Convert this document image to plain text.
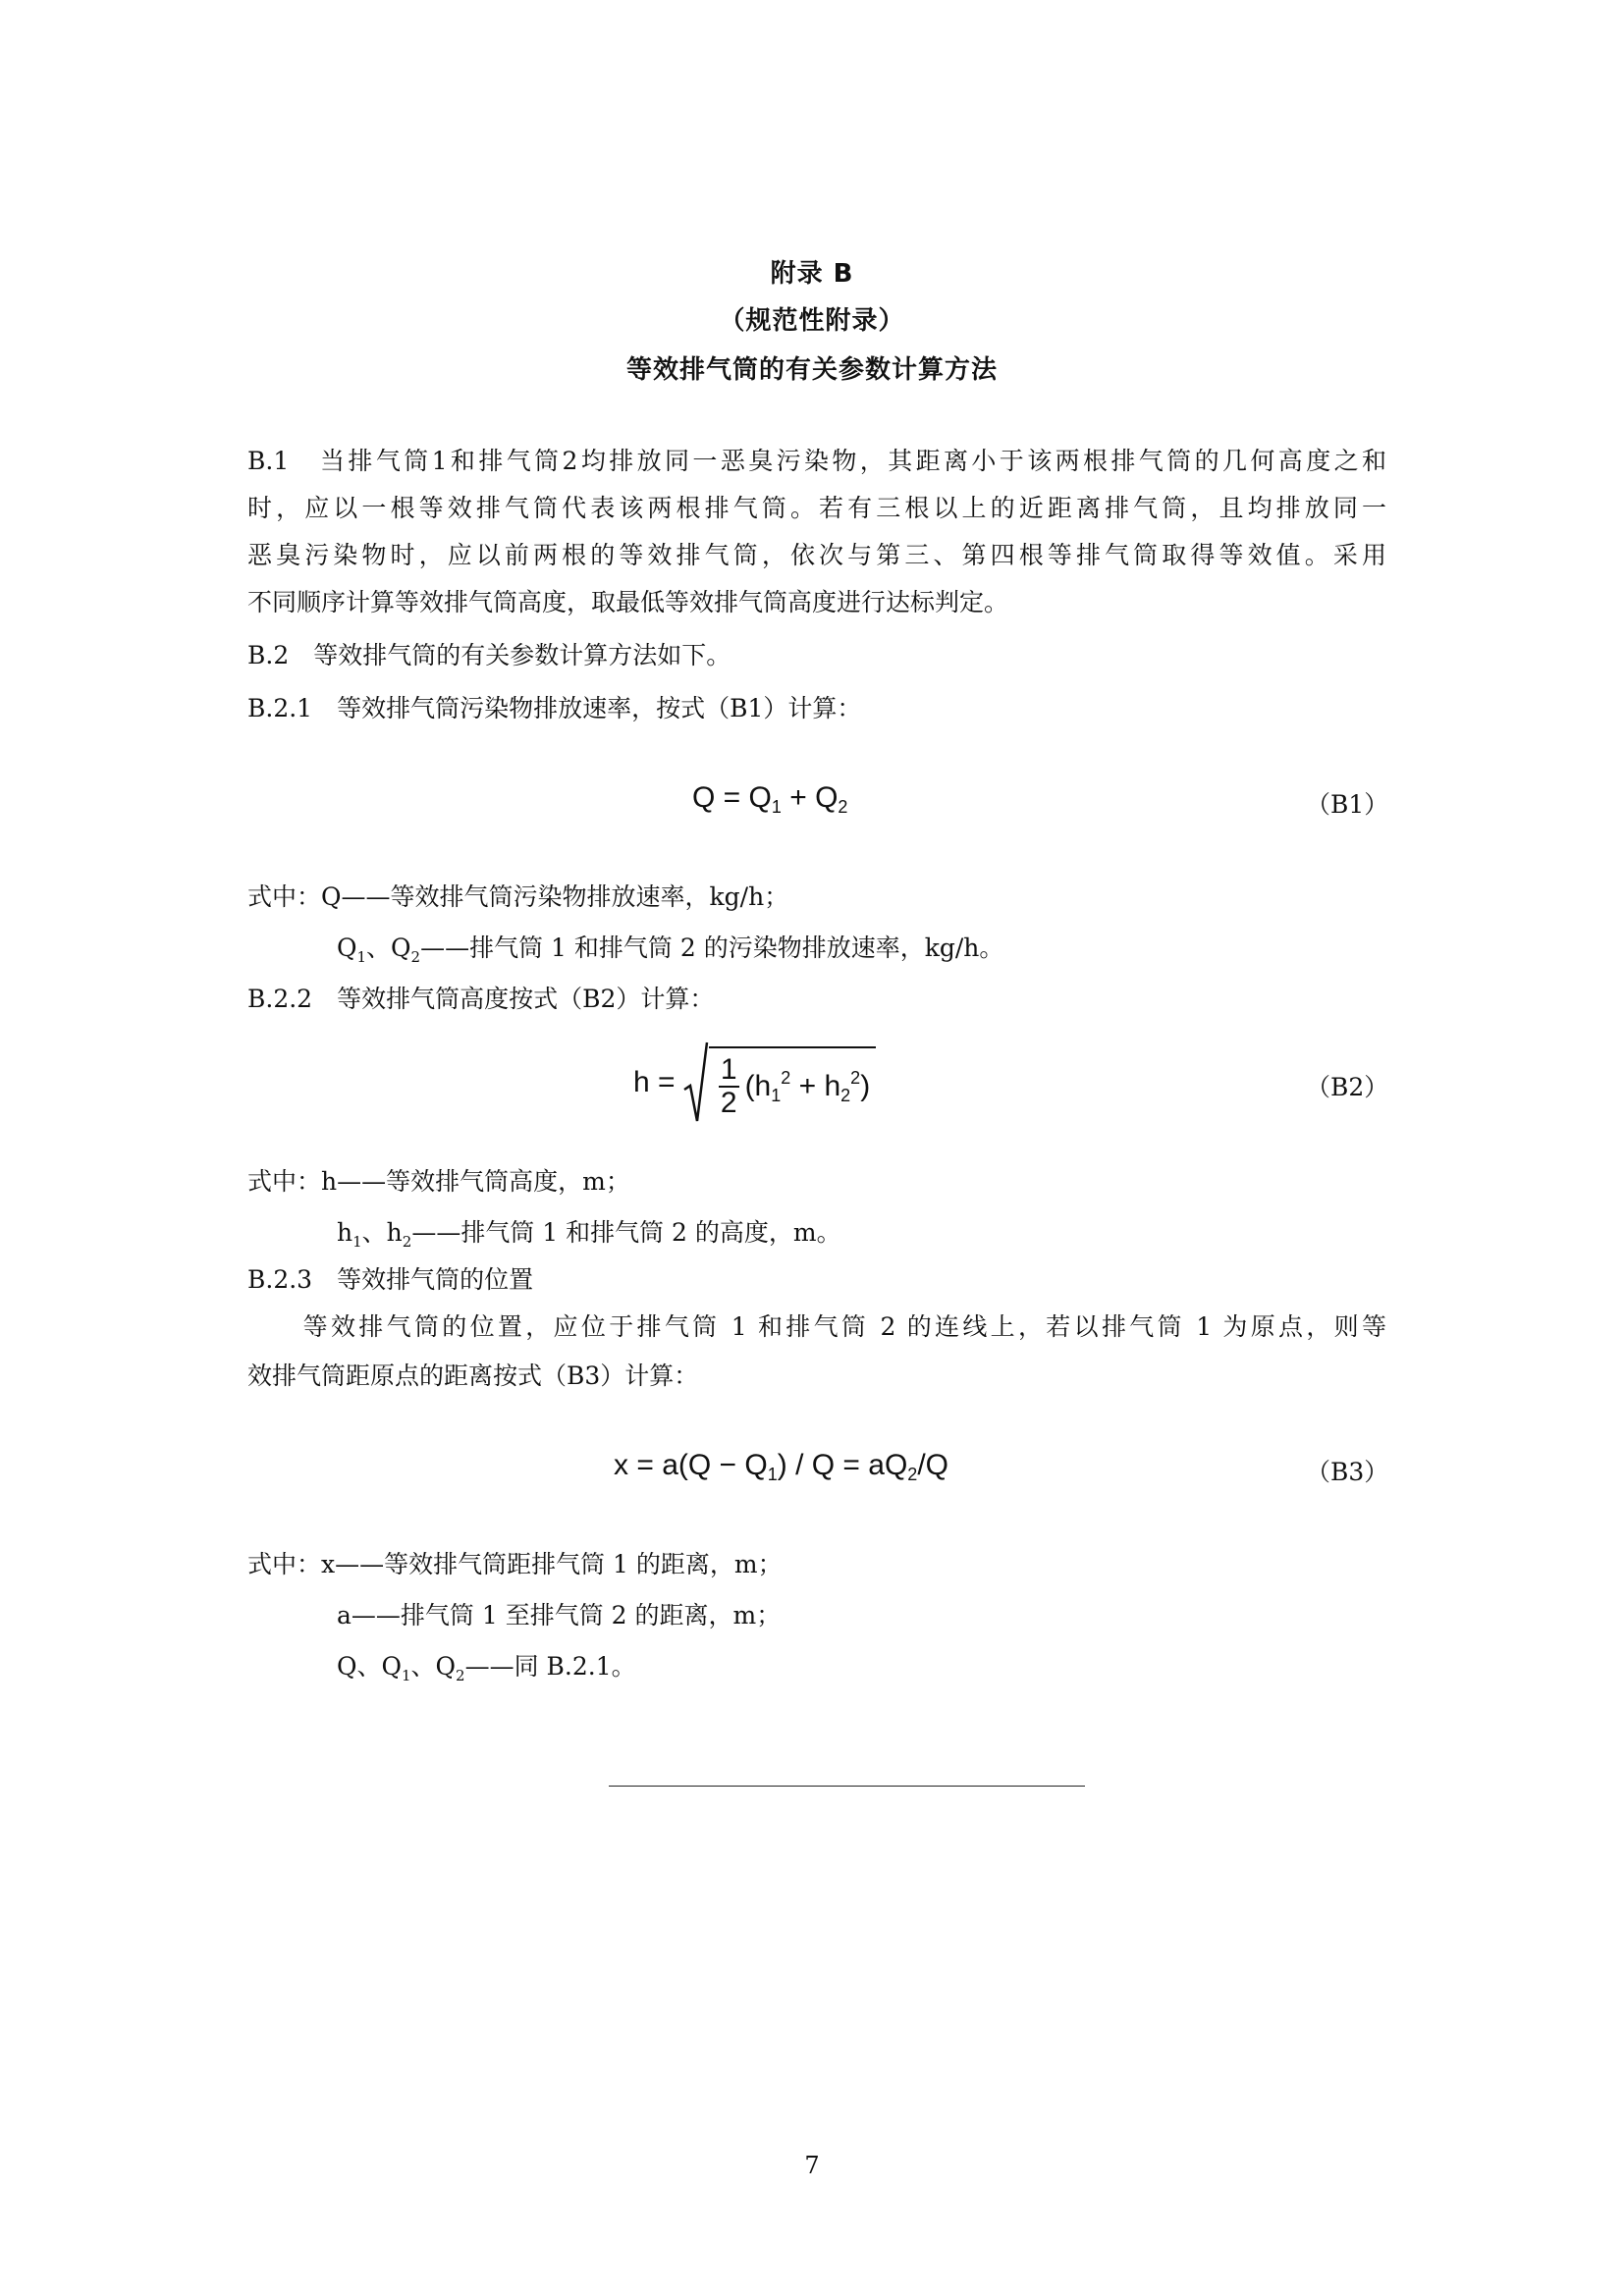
附录 B
（规范性附录）
等效排气筒的有关参数计算方法
B.1　当排气筒1和排气筒2均排放同一恶臭污染物，其距离小于该两根排气筒的几何高度之和
时，应以一根等效排气筒代表该两根排气筒。若有三根以上的近距离排气筒，且均排放同一
恶臭污染物时，应以前两根的等效排气筒，依次与第三、第四根等排气筒取得等效值。采用
不同顺序计算等效排气筒高度，取最低等效排气筒高度进行达标判定。
B.2　等效排气筒的有关参数计算方法如下。
B.2.1　等效排气筒污染物排放速率，按式（B1）计算：
$Q = Q_1 + Q_2$	（B1）
式中：Q——等效排气筒污染物排放速率，kg/h；
$Q_1$、$Q_2——$排气筒 1 和排气筒 2 的污染物排放速率，kg/h。
B.2.2　等效排气筒高度按式（B2）计算：
$h = \frac{1}{2} (h_1^2 + h_2^2)$	（B2）
式中：h——等效排气筒高度，m；
$h_1$、$h_2——$排气筒 1 和排气筒 2 的高度，m。
B.2.3　等效排气筒的位置
　　等效排气筒的位置，应位于排气筒 1 和排气筒 2 的连线上，若以排气筒 1 为原点，则等
效排气筒距原点的距离按式（B3）计算：
$x = a(Q - Q_1) / Q = aQ_2/Q$	（B3）
式中：x——等效排气筒距排气筒 1 的距离，m；
a——排气筒 1 至排气筒 2 的距离，m；
Q、$Q_1$、$Q_2——$同 B.2.1。
7
